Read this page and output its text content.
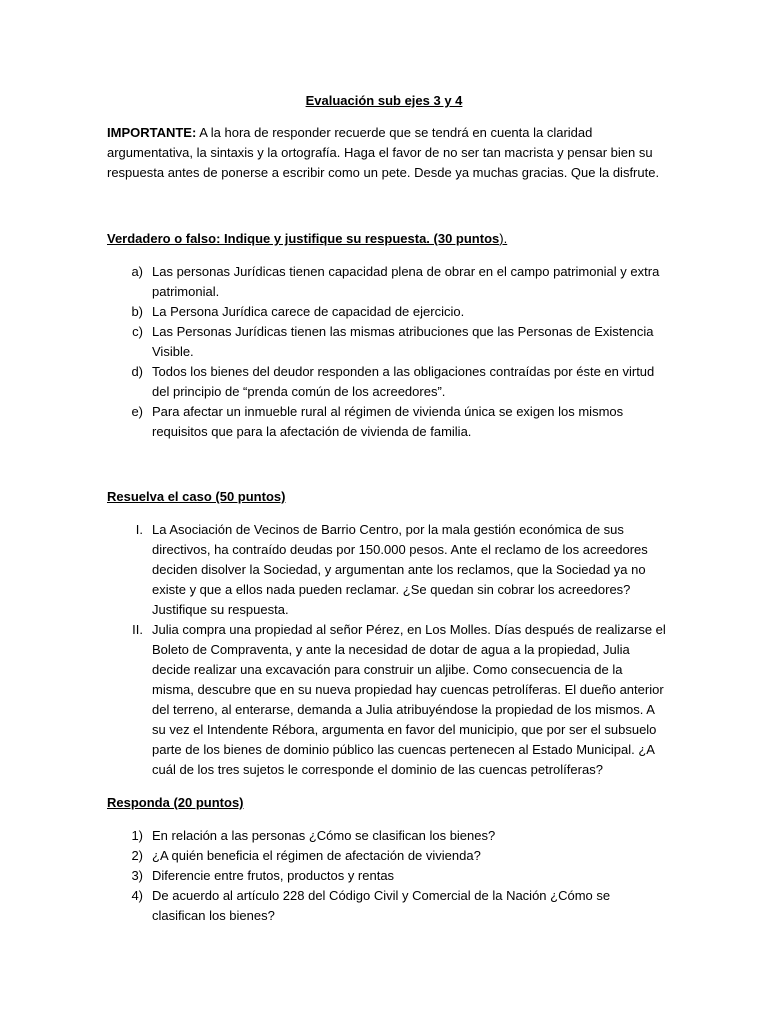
Evaluación sub ejes 3 y 4
IMPORTANTE: A la hora de responder recuerde que se tendrá en cuenta la claridad argumentativa, la sintaxis y la ortografía. Haga el favor de no ser tan macrista y pensar bien su respuesta antes de ponerse a escribir como un pete. Desde ya muchas gracias. Que la disfrute.
Verdadero o falso: Indique y justifique su respuesta. (30 puntos).
a) Las personas Jurídicas tienen capacidad plena de obrar en el campo patrimonial y extra patrimonial.
b) La Persona Jurídica carece de capacidad de ejercicio.
c) Las Personas Jurídicas tienen las mismas atribuciones que las Personas de Existencia Visible.
d) Todos los bienes del deudor responden a las obligaciones contraídas por éste en virtud del principio de “prenda común de los acreedores”.
e) Para afectar un inmueble rural al régimen de vivienda única se exigen los mismos requisitos que para la afectación de vivienda de familia.
Resuelva el caso (50 puntos)
I. La Asociación de Vecinos de Barrio Centro, por la mala gestión económica de sus directivos, ha contraído deudas por 150.000 pesos. Ante el reclamo de los acreedores deciden disolver la Sociedad, y argumentan ante los reclamos, que la Sociedad ya no existe y que a ellos nada pueden reclamar. ¿Se quedan sin cobrar los acreedores? Justifique su respuesta.
II. Julia compra una propiedad al señor Pérez, en Los Molles. Días después de realizarse el Boleto de Compraventa, y ante la necesidad de dotar de agua a la propiedad, Julia decide realizar una excavación para construir un aljibe. Como consecuencia de la misma, descubre que en su nueva propiedad hay cuencas petrolíferas. El dueño anterior del terreno, al enterarse, demanda a Julia atribuyéndose la propiedad de los mismos. A su vez el Intendente Rébora, argumenta en favor del municipio, que por ser el subsuelo parte de los bienes de dominio público las cuencas pertenecen al Estado Municipal. ¿A cuál de los tres sujetos le corresponde el dominio de las cuencas petrolíferas?
Responda (20 puntos)
1) En relación a las personas ¿Cómo se clasifican los bienes?
2) ¿A quién beneficia el régimen de afectación de vivienda?
3) Diferencie entre frutos, productos y rentas
4) De acuerdo al artículo 228 del Código Civil y Comercial de la Nación ¿Cómo se clasifican los bienes?
